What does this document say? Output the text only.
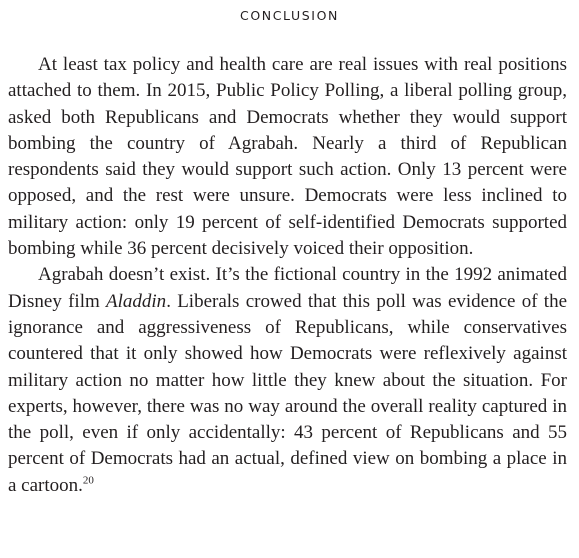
CONCLUSION

At least tax policy and health care are real issues with real positions attached to them. In 2015, Public Policy Polling, a liberal polling group, asked both Republicans and Democrats whether they would support bombing the country of Agrabah. Nearly a third of Republican respondents said they would support such action. Only 13 percent were opposed, and the rest were unsure. Democrats were less inclined to military action: only 19 percent of self-identified Democrats supported bombing while 36 percent decisively voiced their opposition.

Agrabah doesn’t exist. It’s the fictional country in the 1992 animated Disney film Aladdin. Liberals crowed that this poll was evidence of the ignorance and aggressiveness of Republicans, while conservatives countered that it only showed how Democrats were reflexively against military action no matter how little they knew about the situation. For experts, however, there was no way around the overall reality captured in the poll, even if only accidentally: 43 percent of Republicans and 55 percent of Democrats had an actual, defined view on bombing a place in a cartoon.$^{20}$
